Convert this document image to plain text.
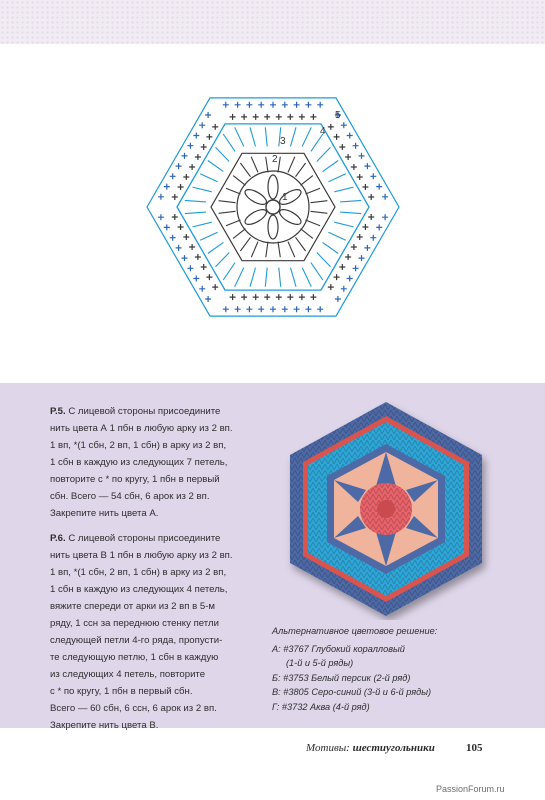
1
2
3
4
5

Р.5. С лицевой стороны присоедините
нить цвета А 1 пбн в любую арку из 2 вп.
1 вп, *(1 сбн, 2 вп, 1 сбн) в арку из 2 вп,
1 сбн в каждую из следующих 7 петель,
повторите с * по кругу, 1 пбн в первый
сбн. Всего — 54 сбн, 6 арок из 2 вп.
Закрепите нить цвета А.

Р.6. С лицевой стороны присоедините
нить цвета В 1 пбн в любую арку из 2 вп.
1 вп, *(1 сбн, 2 вп, 1 сбн) в арку из 2 вп,
1 сбн в каждую из следующих 4 петель,
вяжите спереди от арки из 2 вп в 5-м
ряду, 1 ссн за переднюю стенку петли
следующей петли 4-го ряда, пропусти-
те следующую петлю, 1 сбн в каждую
из следующих 4 петель, повторите
с * по кругу, 1 пбн в первый сбн.
Всего — 60 сбн, 6 ссн, 6 арок из 2 вп.
Закрепите нить цвета В.

Альтернативное цветовое решение:
А: #3767 Глубокий коралловый
(1-й и 5-й ряды)
Б: #3753 Белый персик (2-й ряд)
В: #3805 Серо-синий (3-й и 6-й ряды)
Г: #3732 Аква (4-й ряд)
Мотивы: шестиугольники	105
PassionForum.ru
